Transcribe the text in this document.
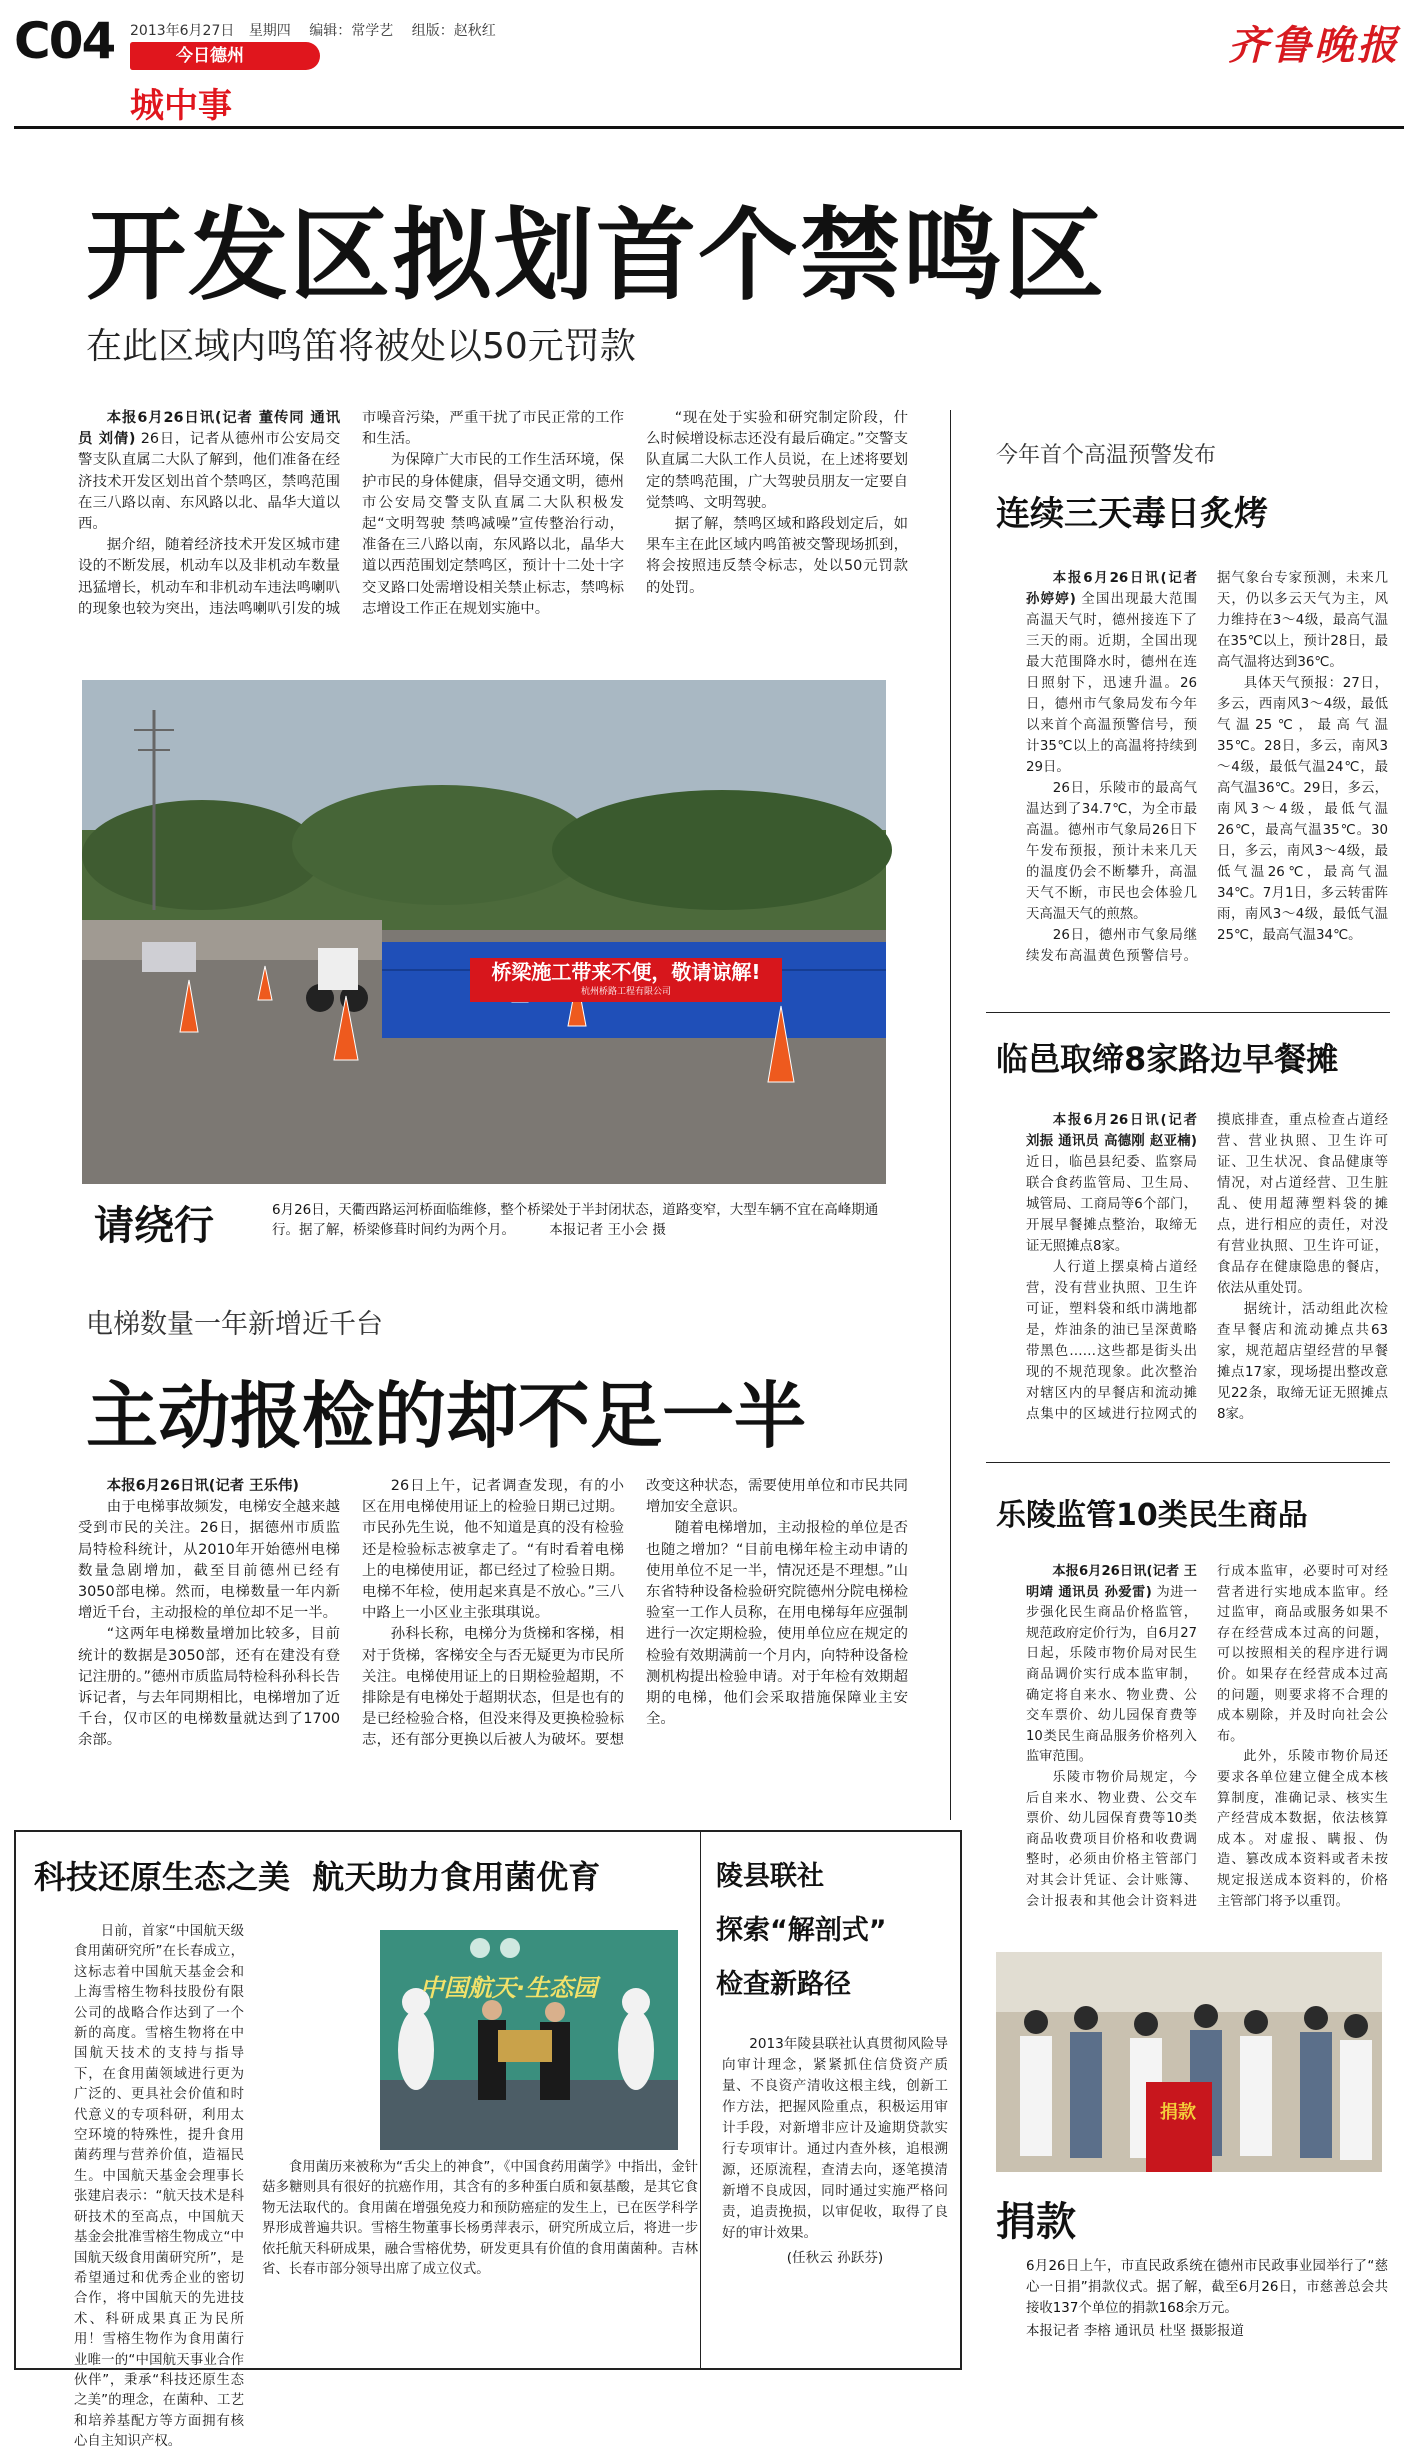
C04 2013年6月27日 星期四 编辑：常学艺 组版：赵秋红
今日德州
城中事
齐鲁晚报
开发区拟划首个禁鸣区
在此区域内鸣笛将被处以50元罚款

本报6月26日讯(记者 董传同 通讯员 刘倩) 26日，记者从德州市公安局交警支队直属二大队了解到，他们准备在经济技术开发区划出首个禁鸣区，禁鸣范围在三八路以南、东风路以北、晶华大道以西。

据介绍，随着经济技术开发区城市建设的不断发展，机动车以及非机动车数量迅猛增长，机动车和非机动车违法鸣喇叭的现象也较为突出，违法鸣喇叭引发的城市噪音污染，严重干扰了市民正常的工作和生活。

为保障广大市民的工作生活环境，保护市民的身体健康，倡导交通文明，德州市公安局交警支队直属二大队积极发起“文明驾驶 禁鸣减噪”宣传整治行动，准备在三八路以南，东风路以北，晶华大道以西范围划定禁鸣区，预计十二处十字交叉路口处需增设相关禁止标志，禁鸣标志增设工作正在规划实施中。

“现在处于实验和研究制定阶段，什么时候增设标志还没有最后确定。”交警支队直属二大队工作人员说，在上述将要划定的禁鸣范围，广大驾驶员朋友一定要自觉禁鸣、文明驾驶。

据了解，禁鸣区域和路段划定后，如果车主在此区域内鸣笛被交警现场抓到，将会按照违反禁令标志，处以50元罚款的处罚。

桥梁施工带来不便，敬请谅解!
杭州桥路工程有限公司
请绕行	6月26日，天衢西路运河桥面临维修，整个桥梁处于半封闭状态，道路变窄，大型车辆不宜在高峰期通行。据了解，桥梁修葺时间约为两个月。	本报记者 王小会 摄
电梯数量一年新增近千台
主动报检的却不足一半

本报6月26日讯(记者 王乐伟)

由于电梯事故频发，电梯安全越来越受到市民的关注。26日，据德州市质监局特检科统计，从2010年开始德州电梯数量急剧增加，截至目前德州已经有3050部电梯。然而，电梯数量一年内新增近千台，主动报检的单位却不足一半。

“这两年电梯数量增加比较多，目前统计的数据是3050部，还有在建没有登记注册的。”德州市质监局特检科孙科长告诉记者，与去年同期相比，电梯增加了近千台，仅市区的电梯数量就达到了1700余部。

26日上午，记者调查发现，有的小区在用电梯使用证上的检验日期已过期。市民孙先生说，他不知道是真的没有检验还是检验标志被拿走了。“有时看着电梯上的电梯使用证，都已经过了检验日期。电梯不年检，使用起来真是不放心。”三八中路上一小区业主张琪琪说。

孙科长称，电梯分为货梯和客梯，相对于货梯，客梯安全与否无疑更为市民所关注。电梯使用证上的日期检验超期，不排除是有电梯处于超期状态，但是也有的是已经检验合格，但没来得及更换检验标志，还有部分更换以后被人为破坏。要想改变这种状态，需要使用单位和市民共同增加安全意识。

随着电梯增加，主动报检的单位是否也随之增加？“目前电梯年检主动申请的使用单位不足一半，情况还是不理想。”山东省特种设备检验研究院德州分院电梯检验室一工作人员称，在用电梯每年应强制进行一次定期检验，使用单位应在规定的检验有效期满前一个月内，向特种设备检测机构提出检验申请。对于年检有效期超期的电梯，他们会采取措施保障业主安全。

今年首个高温预警发布
连续三天毒日炙烤

本报6月26日讯(记者 孙婷婷) 全国出现最大范围高温天气时，德州接连下了三天的雨。近期，全国出现最大范围降水时，德州在连日照射下，迅速升温。26日，德州市气象局发布今年以来首个高温预警信号，预计35℃以上的高温将持续到29日。

26日，乐陵市的最高气温达到了34.7℃，为全市最高温。德州市气象局26日下午发布预报，预计未来几天的温度仍会不断攀升，高温天气不断，市民也会体验几天高温天气的煎熬。

26日，德州市气象局继续发布高温黄色预警信号。据气象台专家预测，未来几天，仍以多云天气为主，风力维持在3～4级，最高气温在35℃以上，预计28日，最高气温将达到36℃。

具体天气预报：27日，多云，西南风3～4级，最低气温25℃，最高气温35℃。28日，多云，南风3～4级，最低气温24℃，最高气温36℃。29日，多云，南风3～4级，最低气温26℃，最高气温35℃。30日，多云，南风3～4级，最低气温26℃，最高气温34℃。7月1日，多云转雷阵雨，南风3～4级，最低气温25℃，最高气温34℃。

临邑取缔8家路边早餐摊

本报6月26日讯(记者 刘振 通讯员 高德刚 赵亚楠) 近日，临邑县纪委、监察局联合食药监管局、卫生局、城管局、工商局等6个部门，开展早餐摊点整治，取缔无证无照摊点8家。

人行道上摆桌椅占道经营，没有营业执照、卫生许可证，塑料袋和纸巾满地都是，炸油条的油已呈深黄略带黑色……这些都是街头出现的不规范现象。此次整治对辖区内的早餐店和流动摊点集中的区域进行拉网式的摸底排查，重点检查占道经营、营业执照、卫生许可证、卫生状况、食品健康等情况，对占道经营、卫生脏乱、使用超薄塑料袋的摊点，进行相应的责任，对没有营业执照、卫生许可证，食品存在健康隐患的餐店，依法从重处罚。

据统计，活动组此次检查早餐店和流动摊点共63家，规范超店望经营的早餐摊点17家，现场提出整改意见22条，取缔无证无照摊点8家。

乐陵监管10类民生商品

本报6月26日讯(记者 王明靖 通讯员 孙爱雷) 为进一步强化民生商品价格监管，规范政府定价行为，自6月27日起，乐陵市物价局对民生商品调价实行成本监审制，确定将自来水、物业费、公交车票价、幼儿园保育费等10类民生商品服务价格列入监审范围。

乐陵市物价局规定，今后自来水、物业费、公交车票价、幼儿园保育费等10类商品收费项目价格和收费调整时，必须由价格主管部门对其会计凭证、会计账簿、会计报表和其他会计资料进行成本监审，必要时可对经营者进行实地成本监审。经过监审，商品或服务如果不存在经营成本过高的问题，可以按照相关的程序进行调价。如果存在经营成本过高的问题，则要求将不合理的成本剔除，并及时向社会公布。

此外，乐陵市物价局还要求各单位建立健全成本核算制度，准确记录、核实生产经营成本数据，依法核算成本。对虚报、瞒报、伪造、篡改成本资料或者未按规定报送成本资料的，价格主管部门将予以重罚。

科技还原生态之美  航天助力食用菌优育

日前，首家“中国航天级食用菌研究所”在长春成立，这标志着中国航天基金会和上海雪榕生物科技股份有限公司的战略合作达到了一个新的高度。雪榕生物将在中国航天技术的支持与指导下，在食用菌领域进行更为广泛的、更具社会价值和时代意义的专项科研，利用太空环境的特殊性，提升食用菌药理与营养价值，造福民生。中国航天基金会理事长张建启表示：“航天技术是科研技术的至高点，中国航天基金会批准雪榕生物成立“中国航天级食用菌研究所”，是希望通过和优秀企业的密切合作，将中国航天的先进技术、科研成果真正为民所用！雪榕生物作为食用菌行业唯一的“中国航天事业合作伙伴”，秉承“科技还原生态之美”的理念，在菌种、工艺和培养基配方等方面拥有核心自主知识产权。

中国航天·生态园

食用菌历来被称为“舌尖上的神食”，《中国食药用菌学》中指出，金针菇多糖则具有很好的抗癌作用，其含有的多种蛋白质和氨基酸，是其它食物无法取代的。食用菌在增强免疫力和预防癌症的发生上，已在医学科学界形成普遍共识。雪榕生物董事长杨勇萍表示，研究所成立后，将进一步依托航天科研成果，融合雪榕优势，研发更具有价值的食用菌菌种。吉林省、长春市部分领导出席了成立仪式。

陵县联社
探索“解剖式”
检查新路径

2013年陵县联社认真贯彻风险导向审计理念，紧紧抓住信贷资产质量、不良资产清收这根主线，创新工作方法，把握风险重点，积极运用审计手段，对新增非应计及逾期贷款实行专项审计。通过内查外核，追根溯源，还原流程，查清去向，逐笔摸清新增不良成因，同时通过实施严格问责，追责挽损，以审促收，取得了良好的审计效果。

(任秋云 孙跃芬)
捐款
捐款
6月26日上午，市直民政系统在德州市民政事业园举行了“慈心一日捐”捐款仪式。据了解，截至6月26日，市慈善总会共接收137个单位的捐款168余万元。
本报记者 李榕 通讯员 杜坚 摄影报道
